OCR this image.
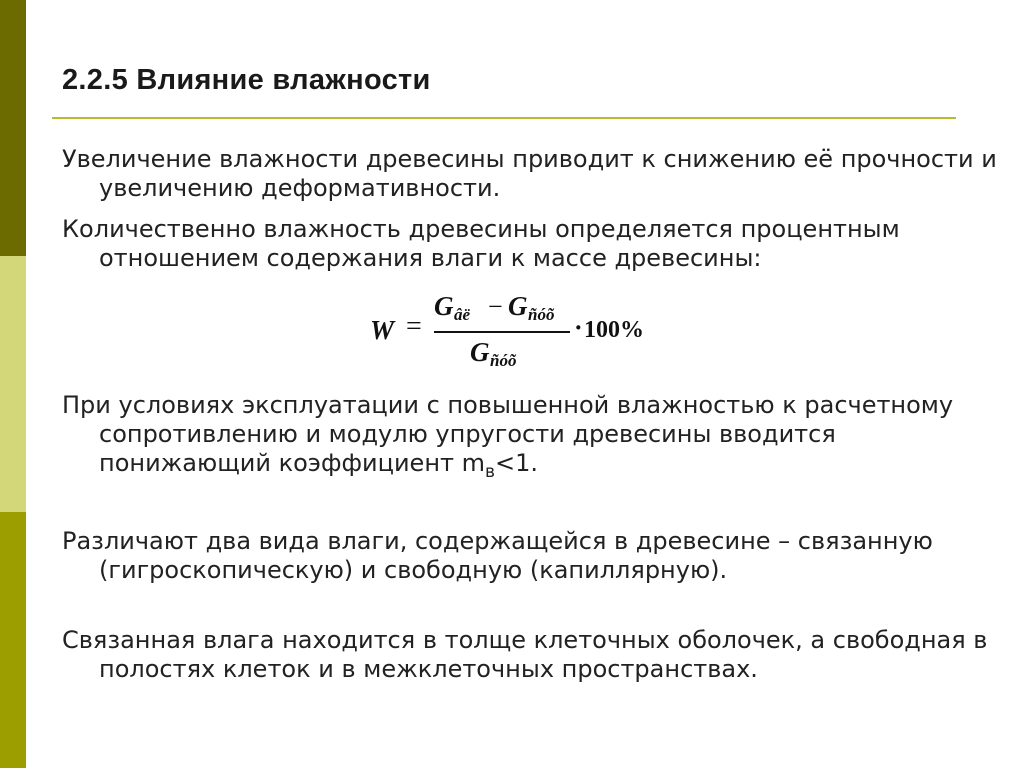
2.2.5 Влияние влажности
Увеличение влажности древесины приводит к снижению её прочности и увеличению деформативности.
Количественно влажность древесины определяется процентным отношением содержания влаги к массе древесины:
W =
G âë − G ñóõ
G ñóõ
· 100%
При условиях эксплуатации с повышенной влажностью к расчетному сопротивлению и модулю упругости древесины вводится понижающий коэффициент $m_в<1$.
Различают два вида влаги, содержащейся в древесине – связанную (гигроскопическую) и свободную (капиллярную).
Связанная влага находится в толще клеточных оболочек, а свободная в полостях клеток и в межклеточных пространствах.
